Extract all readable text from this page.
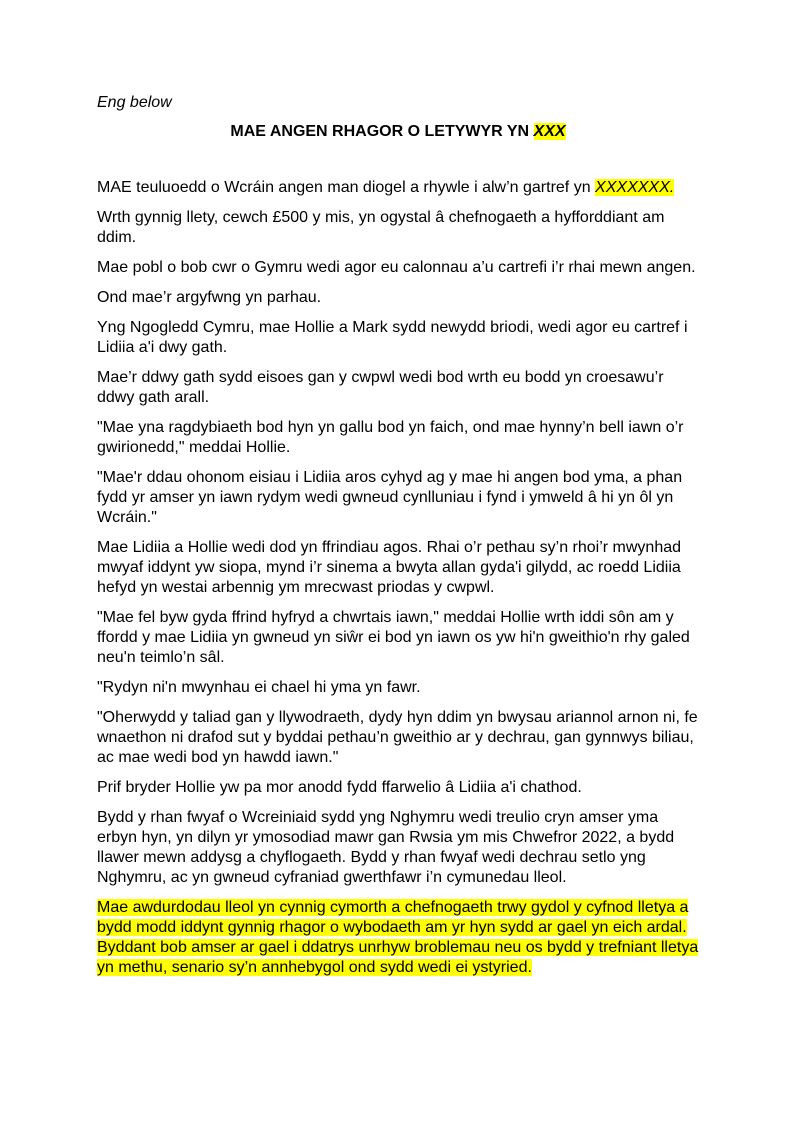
Eng below
MAE ANGEN RHAGOR O LETYWYR YN XXX

MAE teuluoedd o Wcráin angen man diogel a rhywle i alw’n gartref yn XXXXXXX.

Wrth gynnig llety, cewch £500 y mis, yn ogystal â chefnogaeth a hyfforddiant am ddim.

Mae pobl o bob cwr o Gymru wedi agor eu calonnau a’u cartrefi i’r rhai mewn angen.

Ond mae’r argyfwng yn parhau.

Yng Ngogledd Cymru, mae Hollie a Mark sydd newydd briodi, wedi agor eu cartref i Lidiia a'i dwy gath.

Mae’r ddwy gath sydd eisoes gan y cwpwl wedi bod wrth eu bodd yn croesawu’r ddwy gath arall.

"Mae yna ragdybiaeth bod hyn yn gallu bod yn faich, ond mae hynny’n bell iawn o’r gwirionedd," meddai Hollie.

"Mae'r ddau ohonom eisiau i Lidiia aros cyhyd ag y mae hi angen bod yma, a phan fydd yr amser yn iawn rydym wedi gwneud cynlluniau i fynd i ymweld â hi yn ôl yn Wcráin."

Mae Lidiia a Hollie wedi dod yn ffrindiau agos. Rhai o’r pethau sy’n rhoi’r mwynhad mwyaf iddynt yw siopa, mynd i’r sinema a bwyta allan gyda'i gilydd, ac roedd Lidiia hefyd yn westai arbennig ym mrecwast priodas y cwpwl.

"Mae fel byw gyda ffrind hyfryd a chwrtais iawn," meddai Hollie wrth iddi sôn am y ffordd y mae Lidiia yn gwneud yn siŵr ei bod yn iawn os yw hi'n gweithio'n rhy galed neu'n teimlo’n sâl.

"Rydyn ni'n mwynhau ei chael hi yma yn fawr.

"Oherwydd y taliad gan y llywodraeth, dydy hyn ddim yn bwysau ariannol arnon ni, fe wnaethon ni drafod sut y byddai pethau’n gweithio ar y dechrau, gan gynnwys biliau, ac mae wedi bod yn hawdd iawn."

Prif bryder Hollie yw pa mor anodd fydd ffarwelio â Lidiia a'i chathod.

Bydd y rhan fwyaf o Wcreiniaid sydd yng Nghymru wedi treulio cryn amser yma erbyn hyn, yn dilyn yr ymosodiad mawr gan Rwsia ym mis Chwefror 2022, a bydd llawer mewn addysg a chyflogaeth. Bydd y rhan fwyaf wedi dechrau setlo yng Nghymru, ac yn gwneud cyfraniad gwerthfawr i’n cymunedau lleol.

Mae awdurdodau lleol yn cynnig cymorth a chefnogaeth trwy gydol y cyfnod lletya a bydd modd iddynt gynnig rhagor o wybodaeth am yr hyn sydd ar gael yn eich ardal. Byddant bob amser ar gael i ddatrys unrhyw broblemau neu os bydd y trefniant lletya yn methu, senario sy’n annhebygol ond sydd wedi ei ystyried.
